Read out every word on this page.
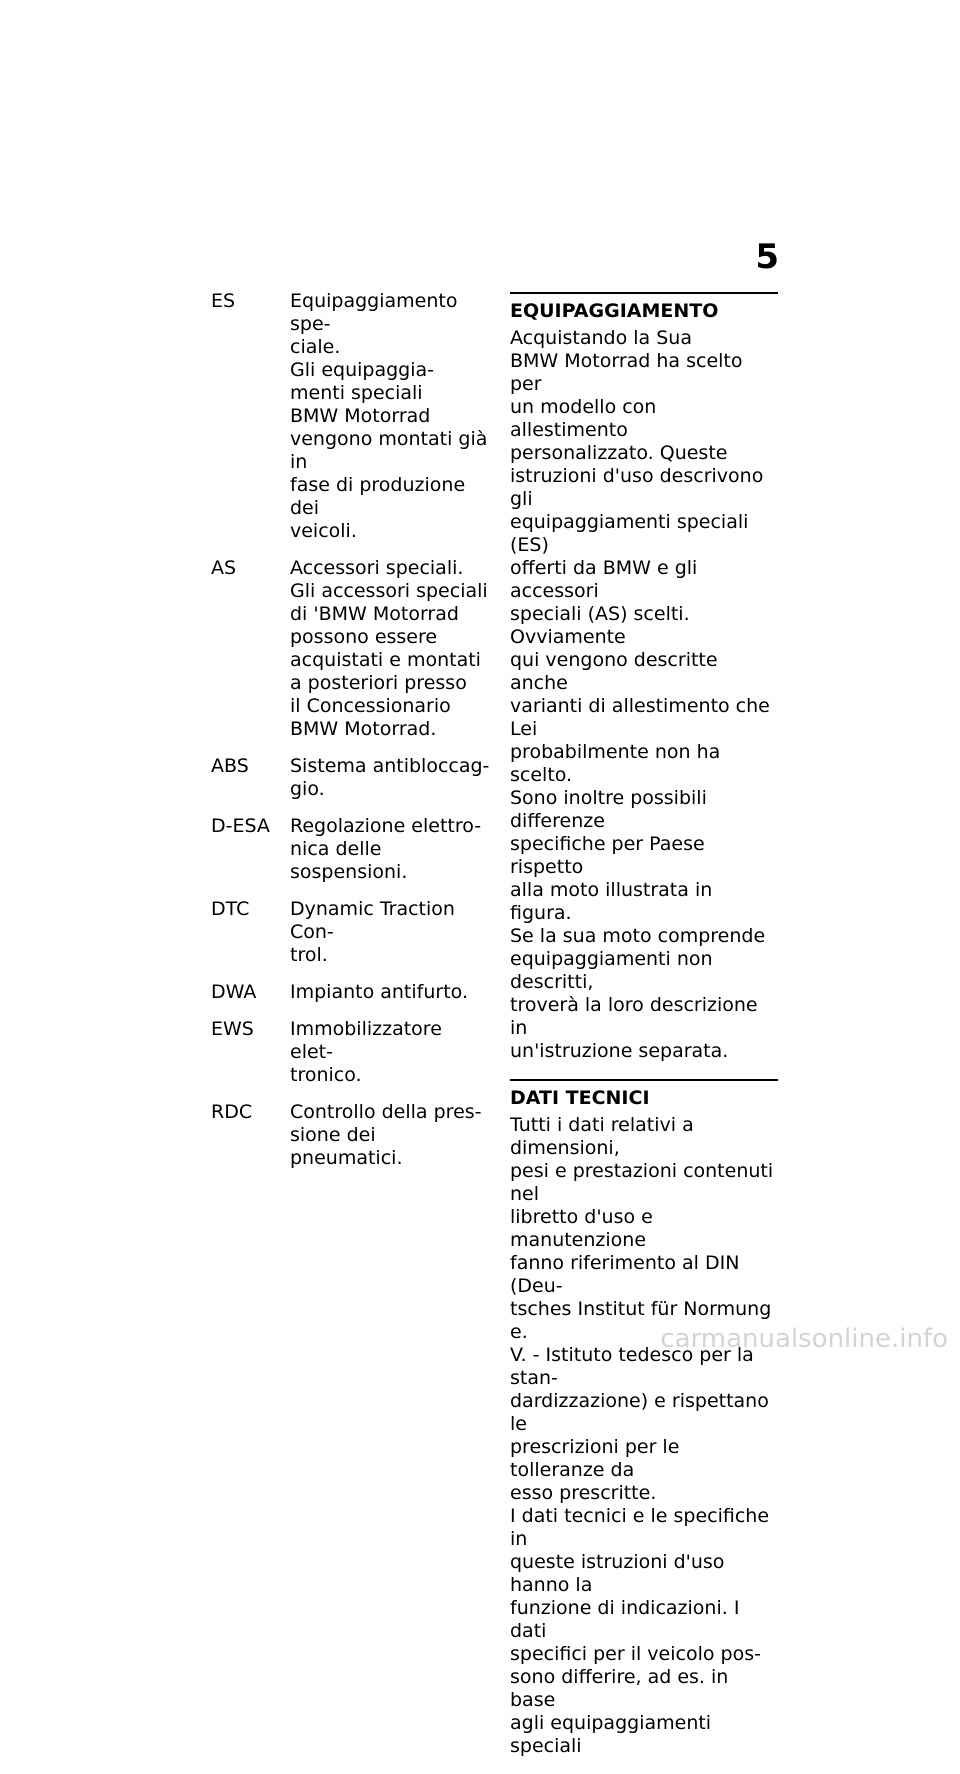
5
ES	Equipaggiamento spe-
ciale.
Gli equipaggia-
menti speciali
BMW Motorrad
vengono montati già in
fase di produzione dei
veicoli.
AS	Accessori speciali.
Gli accessori speciali
di 'BMW Motorrad
possono essere
acquistati e montati
a posteriori presso
il Concessionario
BMW Motorrad.
ABS	Sistema antibloccag-
gio.
D-ESA	Regolazione elettro-
nica delle sospensioni.
DTC	Dynamic Traction Con-
trol.
DWA	Impianto antifurto.
EWS	Immobilizzatore elet-
tronico.
RDC	Controllo della pres-
sione dei pneumatici.
EQUIPAGGIAMENTO
Acquistando la Sua
BMW Motorrad ha scelto per
un modello con allestimento
personalizzato. Queste
istruzioni d'uso descrivono gli
equipaggiamenti speciali (ES)
offerti da BMW e gli accessori
speciali (AS) scelti. Ovviamente
qui vengono descritte anche
varianti di allestimento che Lei
probabilmente non ha scelto.
Sono inoltre possibili differenze
specifiche per Paese rispetto
alla moto illustrata in figura.
Se la sua moto comprende
equipaggiamenti non descritti,
troverà la loro descrizione in
un'istruzione separata.
DATI TECNICI
Tutti i dati relativi a dimensioni,
pesi e prestazioni contenuti nel
libretto d'uso e manutenzione
fanno riferimento al DIN (Deu-
tsches Institut für Normung e.
V. - Istituto tedesco per la stan-
dardizzazione) e rispettano le
prescrizioni per le tolleranze da
esso prescritte.
I dati tecnici e le specifiche in
queste istruzioni d'uso hanno la
funzione di indicazioni. I dati
specifici per il veicolo pos-
sono differire, ad es. in base
agli equipaggiamenti speciali
carmanualsonline.info
